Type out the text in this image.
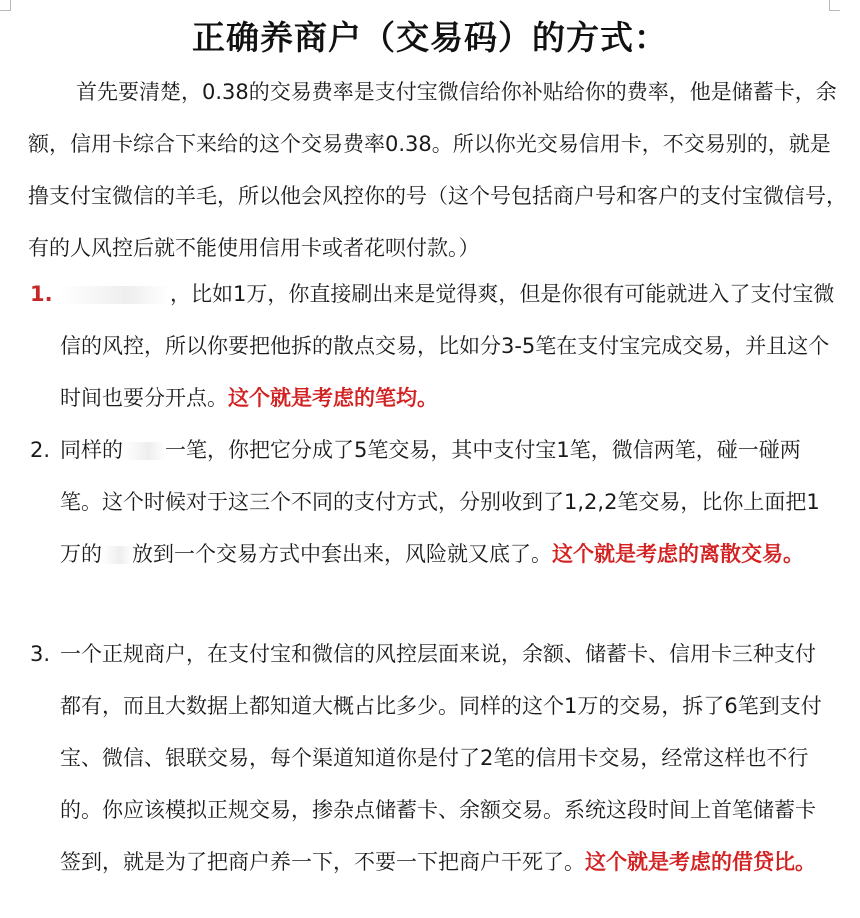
正确养商户（交易码）的方式：

首先要清楚，0.38的交易费率是支付宝微信给你补贴给你的费率，他是储蓄卡，余额，信用卡综合下来给的这个交易费率0.38。所以你光交易信用卡，不交易别的，就是撸支付宝微信的羊毛，所以他会风控你的号（这个号包括商户号和客户的支付宝微信号，有的人风控后就不能使用信用卡或者花呗付款。）

1.	，比如1万，你直接刷出来是觉得爽，但是你很有可能就进入了支付宝微信的风控，所以你要把他拆的散点交易，比如分3-5笔在支付宝完成交易，并且这个时间也要分开点。这个就是考虑的笔均。
2. 同样的 一笔，你把它分成了5笔交易，其中支付宝1笔，微信两笔，碰一碰两笔。这个时候对于这三个不同的支付方式，分别收到了1,2,2笔交易，比你上面把1万的 放到一个交易方式中套出来，风险就又底了。这个就是考虑的离散交易。
3. 一个正规商户，在支付宝和微信的风控层面来说，余额、储蓄卡、信用卡三种支付都有，而且大数据上都知道大概占比多少。同样的这个1万的交易，拆了6笔到支付宝、微信、银联交易，每个渠道知道你是付了2笔的信用卡交易，经常这样也不行的。你应该模拟正规交易，掺杂点储蓄卡、余额交易。系统这段时间上首笔储蓄卡签到，就是为了把商户养一下，不要一下把商户干死了。这个就是考虑的借贷比。
